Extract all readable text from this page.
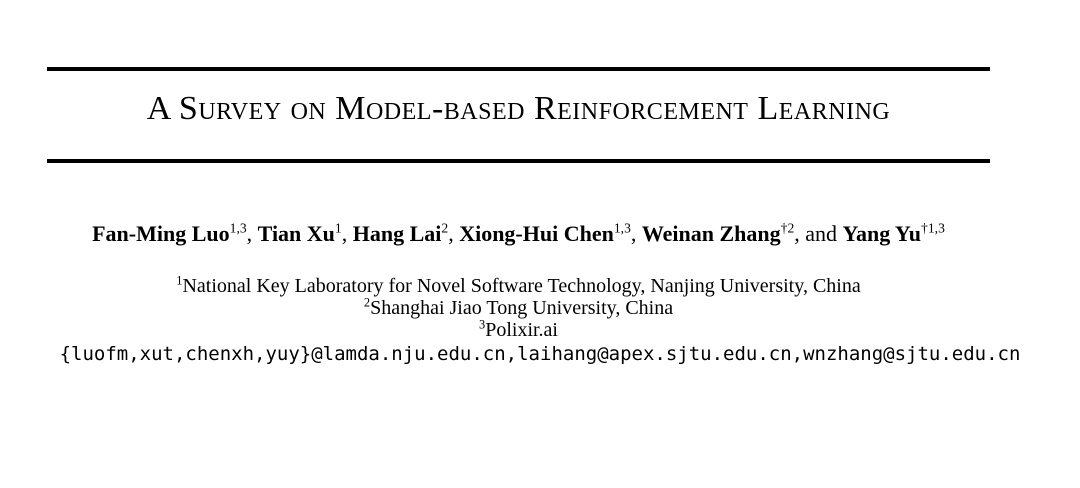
A Survey on Model-based Reinforcement Learning
Fan-Ming Luo$^{1,3}$, Tian Xu$^1$, Hang Lai$^2$, Xiong-Hui Chen$^{1,3}$, Weinan Zhang$^{\dagger 2}$, and Yang Yu$^{\dagger 1,3}$
$^1$National Key Laboratory for Novel Software Technology, Nanjing University, China
$^2$Shanghai Jiao Tong University, China
$^3$Polixir.ai
{luofm,xut,chenxh,yuy}@lamda.nju.edu.cn,laihang@apex.sjtu.edu.cn,wnzhang@sjtu.edu.cn
